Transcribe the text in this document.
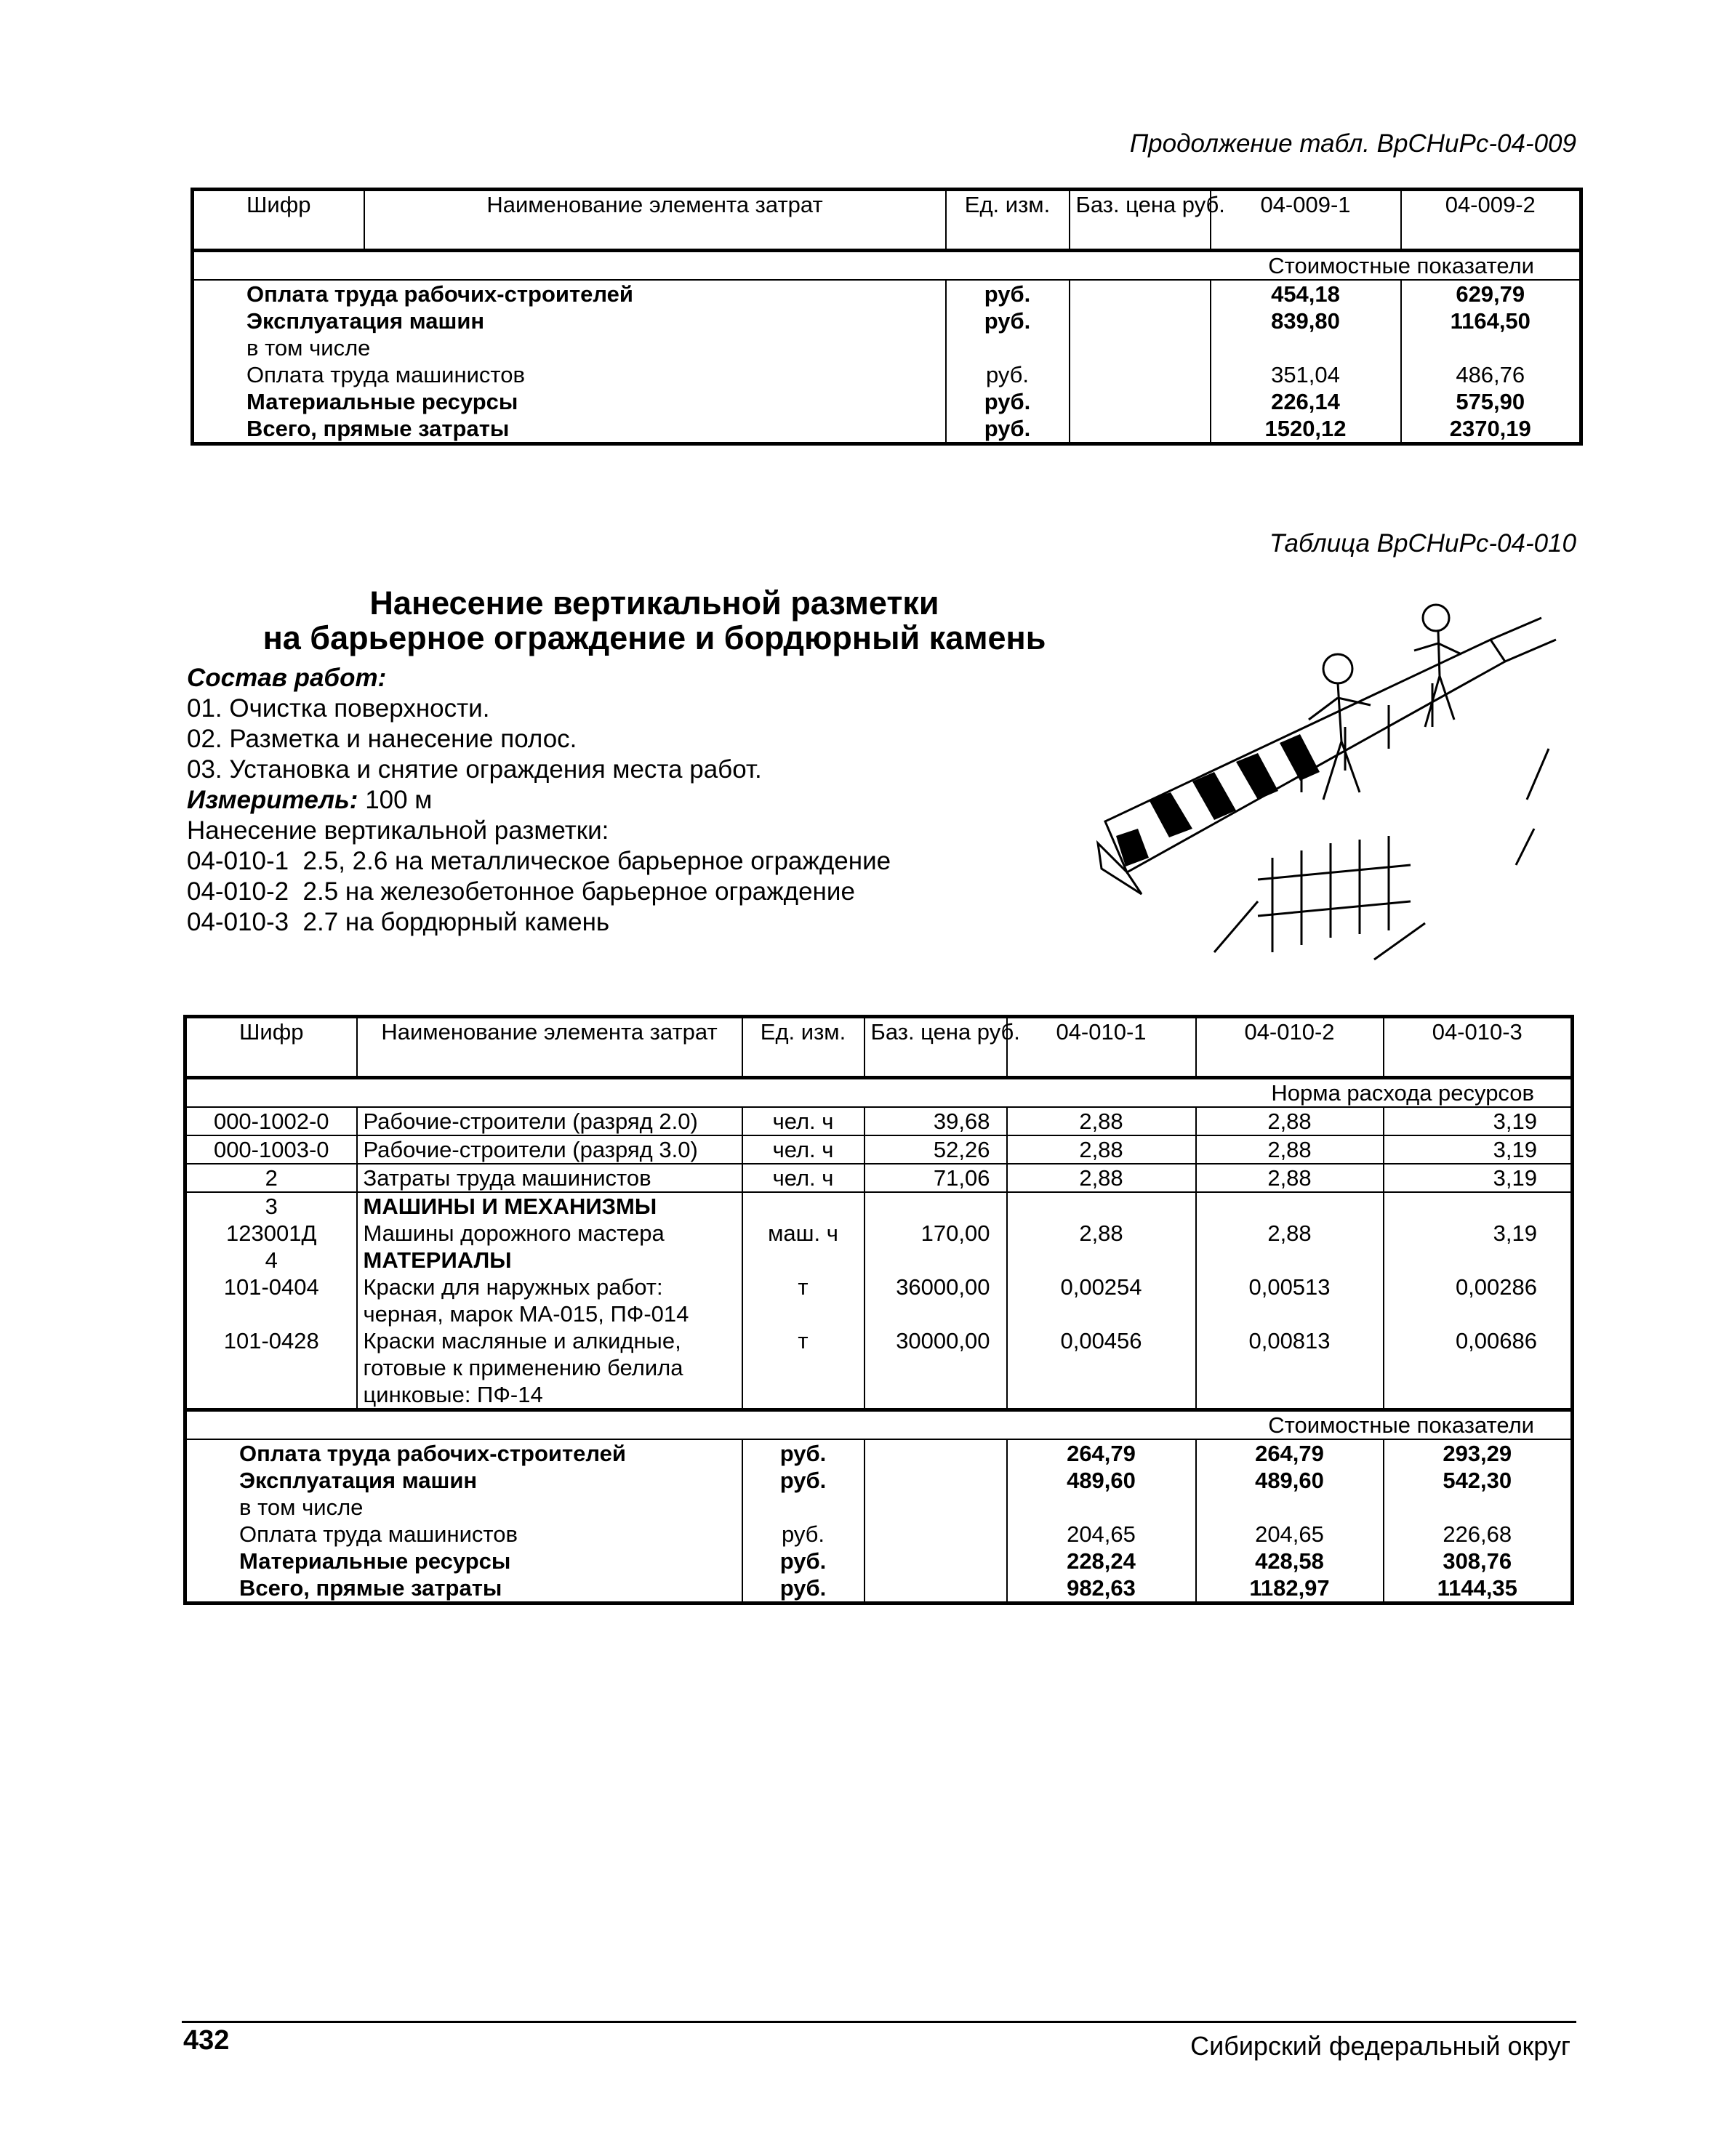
Продолжение табл. ВрСНиРс-04-009
Шифр	Наименование элемента затрат	Ед. изм.	Баз. цена руб.	04-009-1	04-009-2
Стоимостные показатели					
Оплата труда рабочих-строителей		руб.		454,18	629,79
Эксплуатация машин		руб.		839,80	1164,50
в том числе					
Оплата труда машинистов		руб.		351,04	486,76
Материальные ресурсы		руб.		226,14	575,90
Всего, прямые затраты		руб.		1520,12	2370,19
Таблица ВрСНиРс-04-010
Нанесение вертикальной разметки
на барьерное ограждение и бордюрный камень
Состав работ:
01. Очистка поверхности.
02. Разметка и нанесение полос.
03. Установка и снятие ограждения места работ.
Измеритель: 100 м
Нанесение вертикальной разметки:
04-010-1  2.5, 2.6 на металлическое барьерное ограждение
04-010-2  2.5 на железобетонное барьерное ограждение
04-010-3  2.7 на бордюрный камень
Шифр	Наименование элемента затрат	Ед. изм.	Баз. цена руб.	04-010-1	04-010-2	04-010-3
Норма расхода ресурсов						
000-1002-0	Рабочие-строители (разряд 2.0)	чел. ч	39,68	2,88	2,88	3,19
000-1003-0	Рабочие-строители (разряд 3.0)	чел. ч	52,26	2,88	2,88	3,19
2	Затраты труда машинистов	чел. ч	71,06	2,88	2,88	3,19
3	МАШИНЫ И МЕХАНИЗМЫ					
123001Д	Машины дорожного мастера	маш. ч	170,00	2,88	2,88	3,19
4	МАТЕРИАЛЫ					
101-0404	Краски для наружных работ:	т	36000,00	0,00254	0,00513	0,00286
	черная, марок МА-015, ПФ-014					
101-0428	Краски масляные и алкидные,	т	30000,00	0,00456	0,00813	0,00686
	готовые к применению белила					
	цинковые: ПФ-14					
Стоимостные показатели						
Оплата труда рабочих-строителей		руб.		264,79	264,79	293,29
Эксплуатация машин		руб.		489,60	489,60	542,30
в том числе						
Оплата труда машинистов		руб.		204,65	204,65	226,68
Материальные ресурсы		руб.		228,24	428,58	308,76
Всего, прямые затраты		руб.		982,63	1182,97	1144,35
432	Сибирский федеральный округ
